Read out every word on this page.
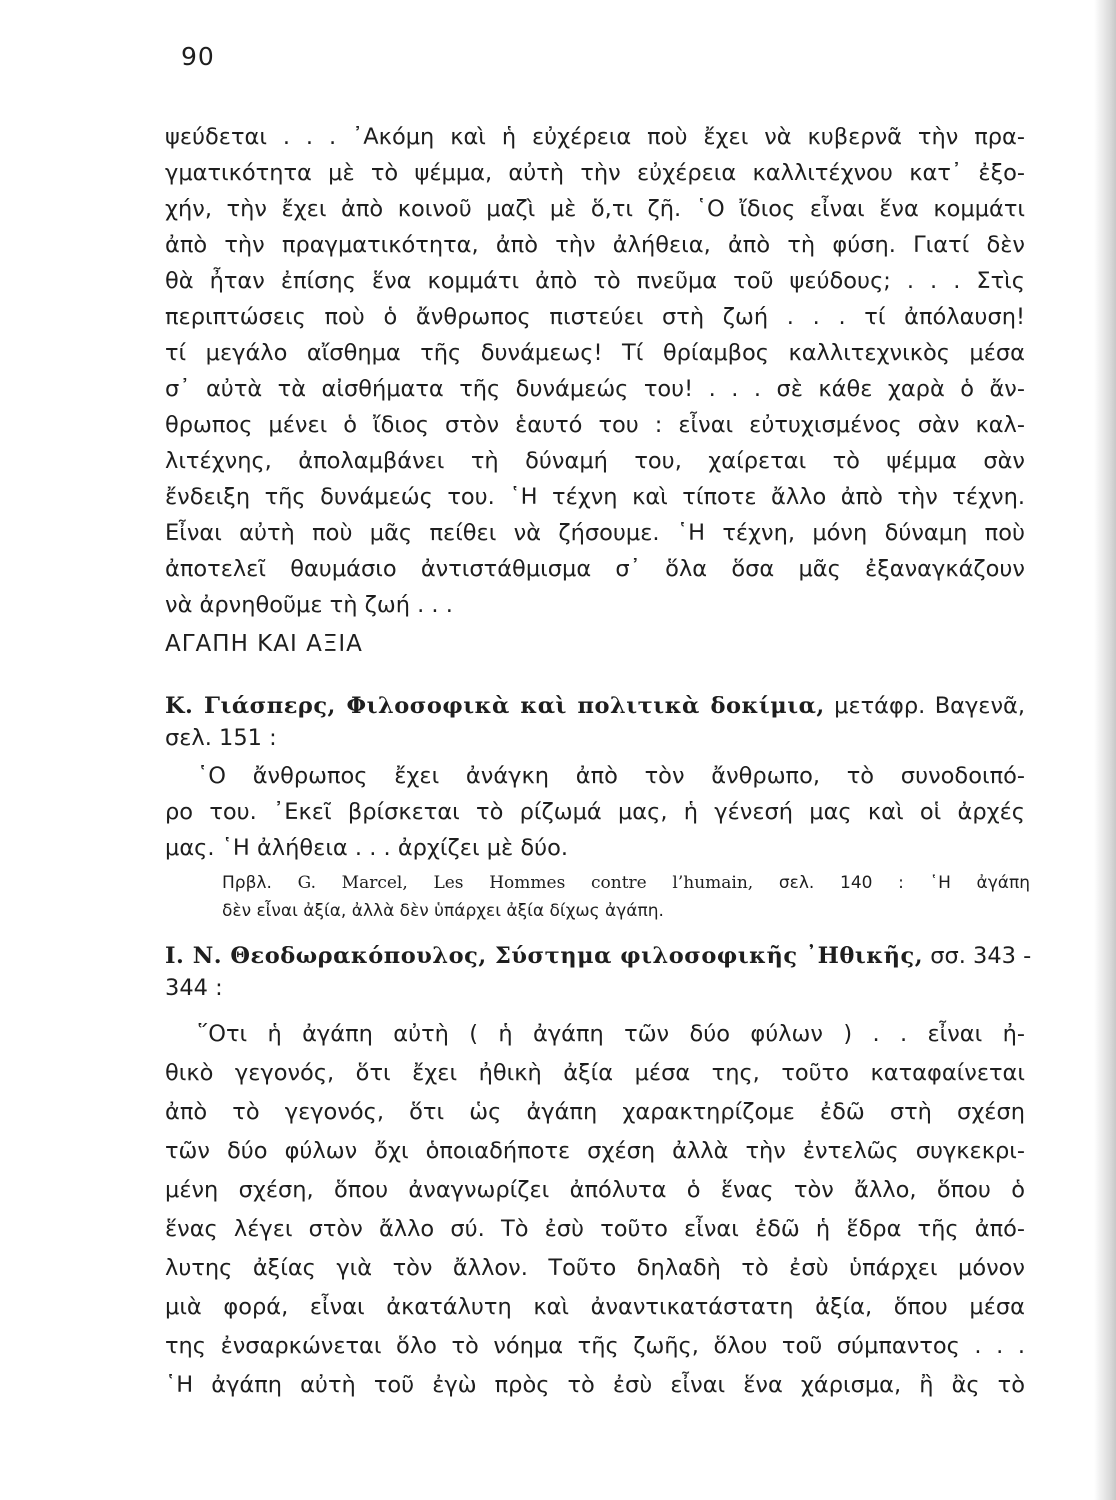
90
ψεύδεται . . . ᾿Ακόμη καὶ ἡ εὐχέρεια ποὺ ἔχει νὰ κυβερνᾶ τὴν πρα-
γματικότητα μὲ τὸ ψέμμα, αὐτὴ τὴν εὐχέρεια καλλιτέχνου κατ᾿ ἐξο-
χήν, τὴν ἔχει ἀπὸ κοινοῦ μαζὶ μὲ ὅ,τι ζῆ. ῾Ο ἴδιος εἶναι ἕνα κομμάτι
ἀπὸ τὴν πραγματικότητα, ἀπὸ τὴν ἀλήθεια, ἀπὸ τὴ φύση. Γιατί δὲν
θὰ ἦταν ἐπίσης ἕνα κομμάτι ἀπὸ τὸ πνεῦμα τοῦ ψεύδους; . . . Στὶς
περιπτώσεις ποὺ ὁ ἄνθρωπος πιστεύει στὴ ζωή . . . τί ἀπόλαυση!
τί μεγάλο αἴσθημα τῆς δυνάμεως! Τί θρίαμβος καλλιτεχνικὸς μέσα
σ᾿ αὐτὰ τὰ αἰσθήματα τῆς δυνάμεώς του! . . . σὲ κάθε χαρὰ ὁ ἄν-
θρωπος μένει ὁ ἴδιος στὸν ἑαυτό του : εἶναι εὐτυχισμένος σὰν καλ-
λιτέχνης, ἀπολαμβάνει τὴ δύναμή του, χαίρεται τὸ ψέμμα σὰν
ἔνδειξη τῆς δυνάμεώς του. ῾Η τέχνη καὶ τίποτε ἄλλο ἀπὸ τὴν τέχνη.
Εἶναι αὐτὴ ποὺ μᾶς πείθει νὰ ζήσουμε. ῾Η τέχνη, μόνη δύναμη ποὺ
ἀποτελεῖ θαυμάσιο ἀντιστάθμισμα σ᾿ ὅλα ὅσα μᾶς ἐξαναγκάζουν
νὰ ἀρνηθοῦμε τὴ ζωή . . .
ΑΓΑΠΗ ΚΑΙ ΑΞΙΑ
Κ. Γιάσπερς, Φιλοσοφικὰ καὶ πολιτικὰ δοκίμια, μετάφρ. Βαγενᾶ,
σελ. 151 :
῾Ο ἄνθρωπος ἔχει ἀνάγκη ἀπὸ τὸν ἄνθρωπο, τὸ συνοδοιπό-
ρο του. ᾿Εκεῖ βρίσκεται τὸ ρίζωμά μας, ἡ γένεσή μας καὶ οἱ ἀρχές
μας. ῾Η ἀλήθεια . . . ἀρχίζει μὲ δύο.
Πρβλ. G. Marcel, Les Hommes contre l’humain, σελ. 140 : ῾Η ἀγάπη
δὲν εἶναι ἀξία, ἀλλὰ δὲν ὑπάρχει ἀξία δίχως ἀγάπη.
Ι. Ν. Θεοδωρακόπουλος, Σύστημα φιλοσοφικῆς ᾿Ηθικῆς, σσ. 343 -
344 :
῞Οτι ἡ ἀγάπη αὐτὴ ( ἡ ἀγάπη τῶν δύο φύλων ) . . εἶναι ἠ-
θικὸ γεγονός, ὅτι ἔχει ἠθικὴ ἀξία μέσα της, τοῦτο καταφαίνεται
ἀπὸ τὸ γεγονός, ὅτι ὡς ἀγάπη χαρακτηρίζομε ἐδῶ στὴ σχέση
τῶν δύο φύλων ὄχι ὁποιαδήποτε σχέση ἀλλὰ τὴν ἐντελῶς συγκεκρι-
μένη σχέση, ὅπου ἀναγνωρίζει ἀπόλυτα ὁ ἕνας τὸν ἄλλο, ὅπου ὁ
ἕνας λέγει στὸν ἄλλο σύ. Τὸ ἐσὺ τοῦτο εἶναι ἐδῶ ἡ ἕδρα τῆς ἀπό-
λυτης ἀξίας γιὰ τὸν ἄλλον. Τοῦτο δηλαδὴ τὸ ἐσὺ ὑπάρχει μόνον
μιὰ φορά, εἶναι ἀκατάλυτη καὶ ἀναντικατάστατη ἀξία, ὅπου μέσα
της ἐνσαρκώνεται ὅλο τὸ νόημα τῆς ζωῆς, ὅλου τοῦ σύμπαντος . . .
῾Η ἀγάπη αὐτὴ τοῦ ἐγὼ πρὸς τὸ ἐσὺ εἶναι ἕνα χάρισμα, ἢ ἂς τὸ
